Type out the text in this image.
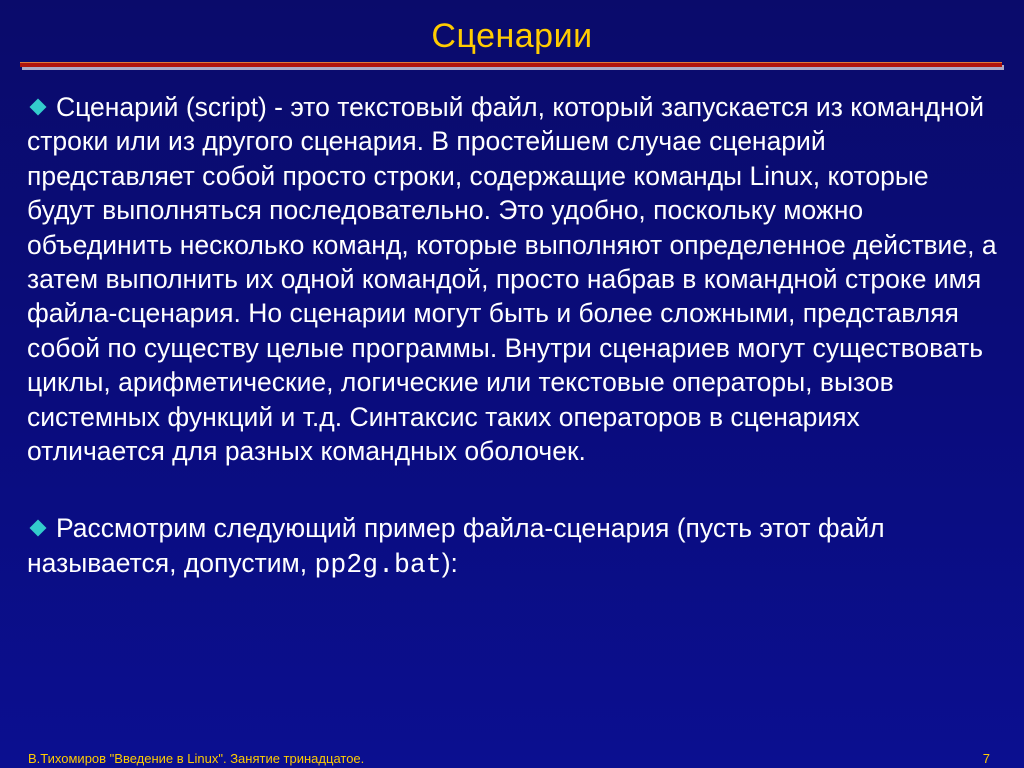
Сценарии

Сценарий (script) - это текстовый файл, который запускается из командной строки или из другого сценария. В простейшем случае сценарий представляет собой просто строки, содержащие команды Linux, которые будут выполняться последовательно. Это удобно, поскольку можно объединить несколько команд, которые выполняют определенное действие, а затем выполнить их одной командой, просто набрав в командной строке имя файла-сценария. Но сценарии могут быть и более сложными, представляя собой по существу целые программы. Внутри сценариев могут существовать циклы, арифметические, логические или текстовые операторы, вызов системных функций и т.д. Синтаксис таких операторов в сценариях отличается для разных командных оболочек.

Рассмотрим следующий пример файла-сценария (пусть этот файл называется, допустим, pp2g.bat):

В.Тихомиров "Введение в Linux". Занятие тринадцатое.	7
